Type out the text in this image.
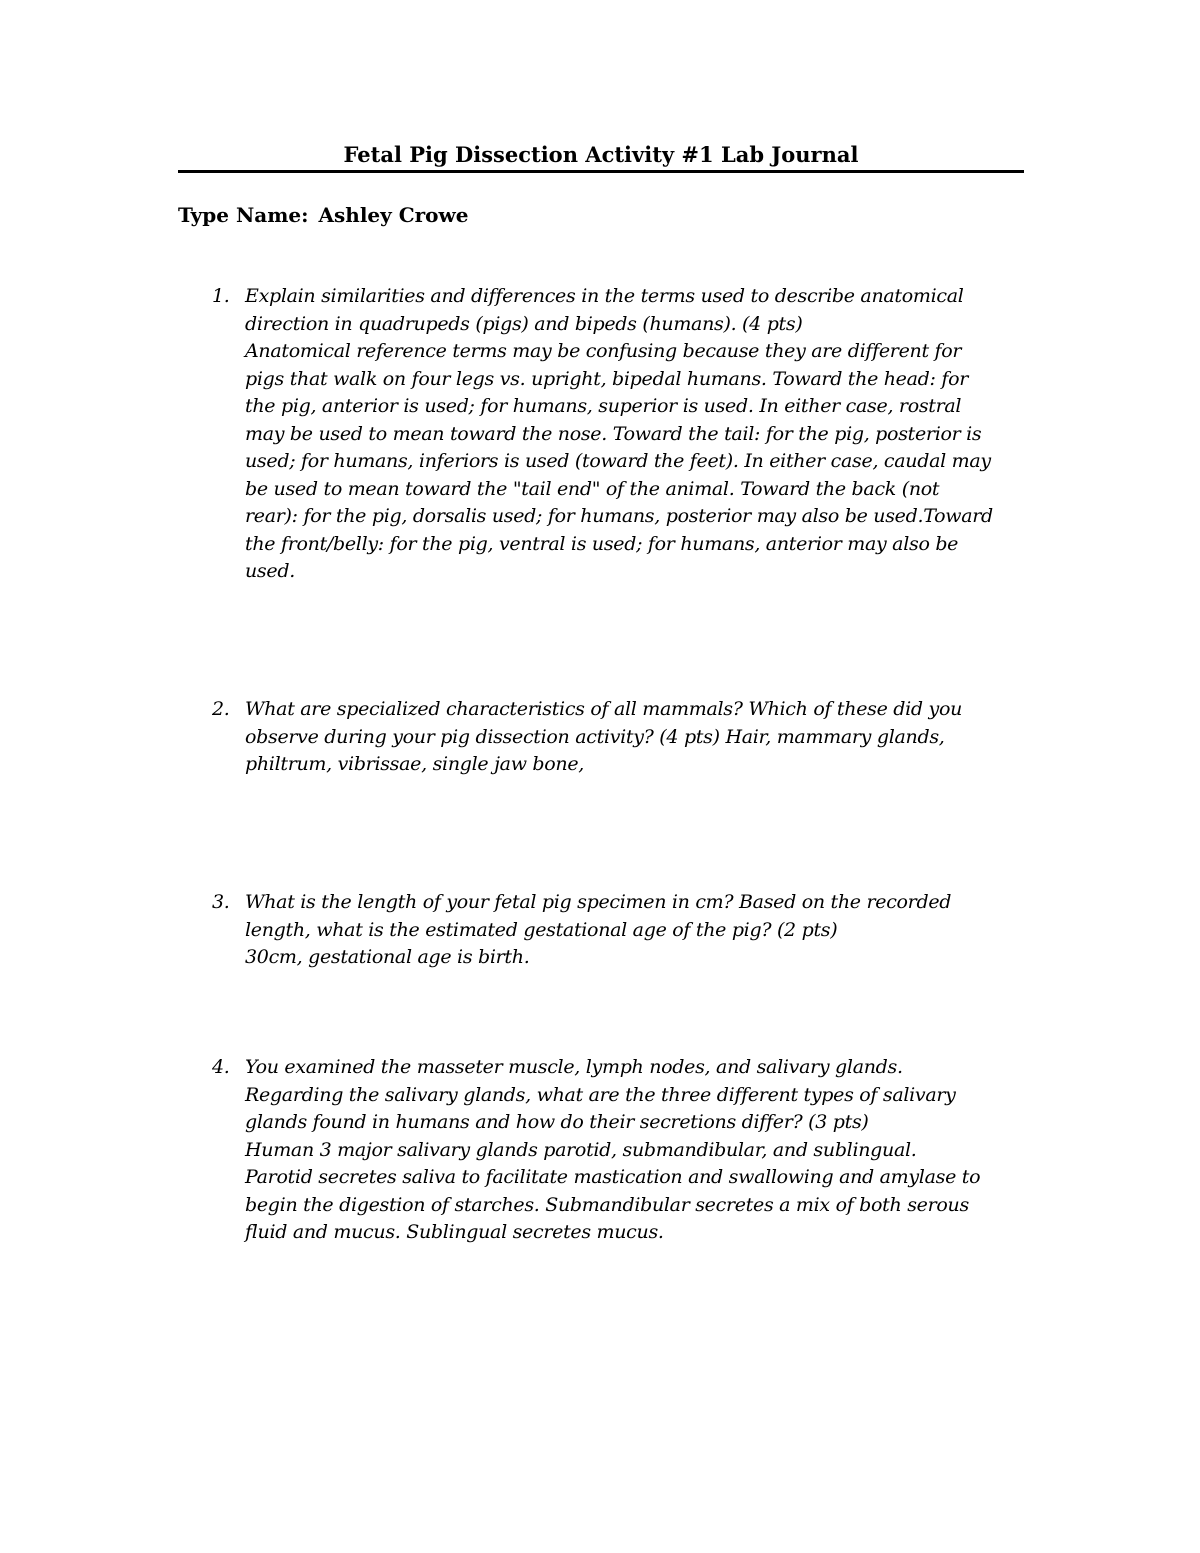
Fetal Pig Dissection Activity #1 Lab Journal

Type Name: Ashley Crowe

1. Explain similarities and differences in the terms used to describe anatomical
direction in quadrupeds (pigs) and bipeds (humans). (4 pts)
Anatomical reference terms may be confusing because they are different for
pigs that walk on four legs vs. upright, bipedal humans. Toward the head: for
the pig, anterior is used; for humans, superior is used. In either case, rostral
may be used to mean toward the nose. Toward the tail: for the pig, posterior is
used; for humans, inferiors is used (toward the feet). In either case, caudal may
be used to mean toward the "tail end" of the animal. Toward the back (not
rear): for the pig, dorsalis used; for humans, posterior may also be used.Toward
the front/belly: for the pig, ventral is used; for humans, anterior may also be
used.
2. What are specialized characteristics of all mammals? Which of these did you
observe during your pig dissection activity? (4 pts) Hair, mammary glands,
philtrum, vibrissae, single jaw bone,
3. What is the length of your fetal pig specimen in cm? Based on the recorded
length, what is the estimated gestational age of the pig? (2 pts)
30cm, gestational age is birth.
4. You examined the masseter muscle, lymph nodes, and salivary glands.
Regarding the salivary glands, what are the three different types of salivary
glands found in humans and how do their secretions differ? (3 pts)
Human 3 major salivary glands parotid, submandibular, and sublingual.
Parotid secretes saliva to facilitate mastication and swallowing and amylase to
begin the digestion of starches. Submandibular secretes a mix of both serous
fluid and mucus. Sublingual secretes mucus.
